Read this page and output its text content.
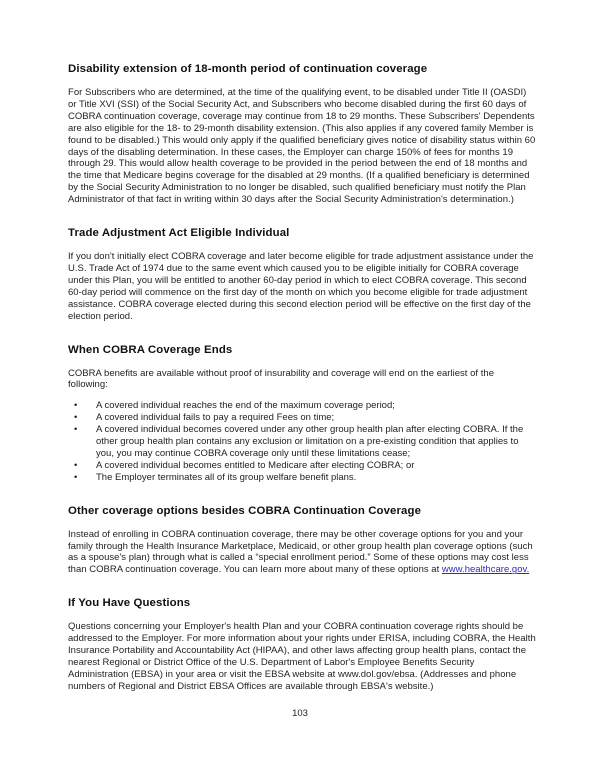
Disability extension of 18-month period of continuation coverage

For Subscribers who are determined, at the time of the qualifying event, to be disabled under Title II (OASDI) or Title XVI (SSI) of the Social Security Act, and Subscribers who become disabled during the first 60 days of COBRA continuation coverage, coverage may continue from 18 to 29 months. These Subscribers' Dependents are also eligible for the 18- to 29-month disability extension. (This also applies if any covered family Member is found to be disabled.) This would only apply if the qualified beneficiary gives notice of disability status within 60 days of the disabling determination. In these cases, the Employer can charge 150% of fees for months 19 through 29. This would allow health coverage to be provided in the period between the end of 18 months and the time that Medicare begins coverage for the disabled at 29 months. (If a qualified beneficiary is determined by the Social Security Administration to no longer be disabled, such qualified beneficiary must notify the Plan Administrator of that fact in writing within 30 days after the Social Security Administration's determination.)

Trade Adjustment Act Eligible Individual

If you don't initially elect COBRA coverage and later become eligible for trade adjustment assistance under the U.S. Trade Act of 1974 due to the same event which caused you to be eligible initially for COBRA coverage under this Plan, you will be entitled to another 60-day period in which to elect COBRA coverage. This second 60-day period will commence on the first day of the month on which you become eligible for trade adjustment assistance. COBRA coverage elected during this second election period will be effective on the first day of the election period.

When COBRA Coverage Ends

COBRA benefits are available without proof of insurability and coverage will end on the earliest of the following:

• A covered individual reaches the end of the maximum coverage period;
• A covered individual fails to pay a required Fees on time;
• A covered individual becomes covered under any other group health plan after electing COBRA. If the other group health plan contains any exclusion or limitation on a pre-existing condition that applies to you, you may continue COBRA coverage only until these limitations cease;
• A covered individual becomes entitled to Medicare after electing COBRA; or
• The Employer terminates all of its group welfare benefit plans.
Other coverage options besides COBRA Continuation Coverage

Instead of enrolling in COBRA continuation coverage, there may be other coverage options for you and your family through the Health Insurance Marketplace, Medicaid, or other group health plan coverage options (such as a spouse's plan) through what is called a “special enrollment period.” Some of these options may cost less than COBRA continuation coverage. You can learn more about many of these options at www.healthcare.gov.

If You Have Questions

Questions concerning your Employer's health Plan and your COBRA continuation coverage rights should be addressed to the Employer. For more information about your rights under ERISA, including COBRA, the Health Insurance Portability and Accountability Act (HIPAA), and other laws affecting group health plans, contact the nearest Regional or District Office of the U.S. Department of Labor's Employee Benefits Security Administration (EBSA) in your area or visit the EBSA website at www.dol.gov/ebsa. (Addresses and phone numbers of Regional and District EBSA Offices are available through EBSA's website.)

103
